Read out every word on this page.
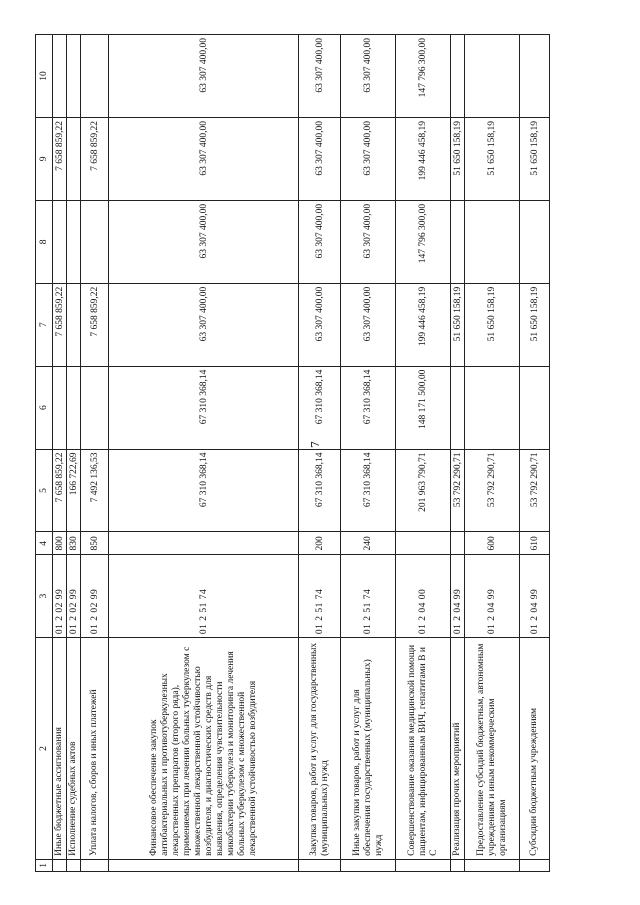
7
1	2	3	4	5	6	7	8	9	10
	Иные бюджетные ассигнования	01 2 02 99	800	7 658 859,22		7 658 859,22		7 658 859,22	
	Исполнение судебных актов	01 2 02 99	830	166 722,69					
	Уплата налогов, сборов и иных платежей	01 2 02 99	850	7 492 136,53		7 658 859,22		7 658 859,22	
	Финансовое обеспечение закупок антибактериальных и противотуберкулезных лекарственных препаратов (второго ряда), применяемых при лечении больных туберкулезом с множественной лекарственной устойчивостью возбудителя, и диагностических средств для выявления, определения чувствительности микобактерии туберкулеза и мониторинга лечения больных туберкулезом с множественной лекарственной устойчивостью возбудителя	01 2 51 74		67 310 368,14	67 310 368,14	63 307 400,00	63 307 400,00	63 307 400,00	63 307 400,00
	Закупка товаров, работ и услуг для государственных (муниципальных) нужд	01 2 51 74	200	67 310 368,14	67 310 368,14	63 307 400,00	63 307 400,00	63 307 400,00	63 307 400,00
	Иные закупки товаров, работ и услуг для обеспечения государственных (муниципальных) нужд	01 2 51 74	240	67 310 368,14	67 310 368,14	63 307 400,00	63 307 400,00	63 307 400,00	63 307 400,00
	Совершенствование оказания медицинской помощи пациентам, инфицированным ВИЧ, гепатитами В и С	01 2 04 00		201 963 790,71	148 171 500,00	199 446 458,19	147 796 300,00	199 446 458,19	147 796 300,00
	Реализация прочих мероприятий	01 2 04 99		53 792 290,71		51 650 158,19		51 650 158,19	
	Предоставление субсидий бюджетным, автономным учреждениям и иным некоммерческим организациям	01 2 04 99	600	53 792 290,71		51 650 158,19		51 650 158,19	
	Субсидии бюджетным учреждениям	01 2 04 99	610	53 792 290,71		51 650 158,19		51 650 158,19	
